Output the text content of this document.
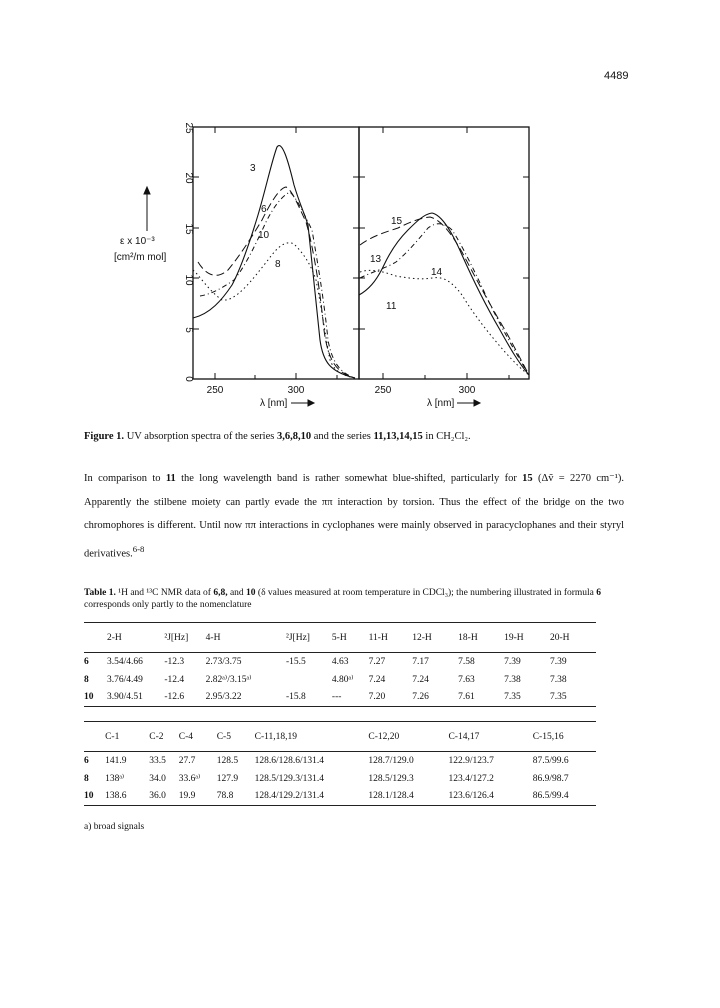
4489
25
20
15
10
5
0
250	300	250	300
λ [nm]	λ [nm]
ε x 10⁻³
[cm²/m mol]
3
6
10
8
15
13
14
11
Figure 1. UV absorption spectra of the series 3,6,8,10 and the series 11,13,14,15 in CH₂Cl₂.
In comparison to 11 the long wavelength band is rather somewhat blue-shifted, particularly for 15 (Δṽ = 2270 cm⁻¹). Apparently the stilbene moiety can partly evade the ππ interaction by torsion. Thus the effect of the bridge on the two chromophores is different. Until now ππ interactions in cyclophanes were mainly observed in paracyclophanes and their styryl derivatives.$^{6-8}$
Table 1. ¹H and ¹³C NMR data of 6,8, and 10 (δ values measured at room temperature in CDCl₃); the numbering illustrated in formula 6 corresponds only partly to the nomenclature
	2-H	²J[Hz]	4-H	²J[Hz]	5-H	11-H	12-H	18-H	19-H	20-H
6	3.54/4.66	-12.3	2.73/3.75	-15.5	4.63	7.27	7.17	7.58	7.39	7.39
8	3.76/4.49	-12.4	2.82ᵃ⁾/3.15ᵃ⁾		4.80ᵃ⁾	7.24	7.24	7.63	7.38	7.38
10	3.90/4.51	-12.6	2.95/3.22	-15.8	---	7.20	7.26	7.61	7.35	7.35
	C-1	C-2	C-4	C-5	C-11,18,19	C-12,20	C-14,17	C-15,16
6	141.9	33.5	27.7	128.5	128.6/128.6/131.4	128.7/129.0	122.9/123.7	87.5/99.6
8	138ᵃ⁾	34.0	33.6ᵃ⁾	127.9	128.5/129.3/131.4	128.5/129.3	123.4/127.2	86.9/98.7
10	138.6	36.0	19.9	78.8	128.4/129.2/131.4	128.1/128.4	123.6/126.4	86.5/99.4
a) broad signals
